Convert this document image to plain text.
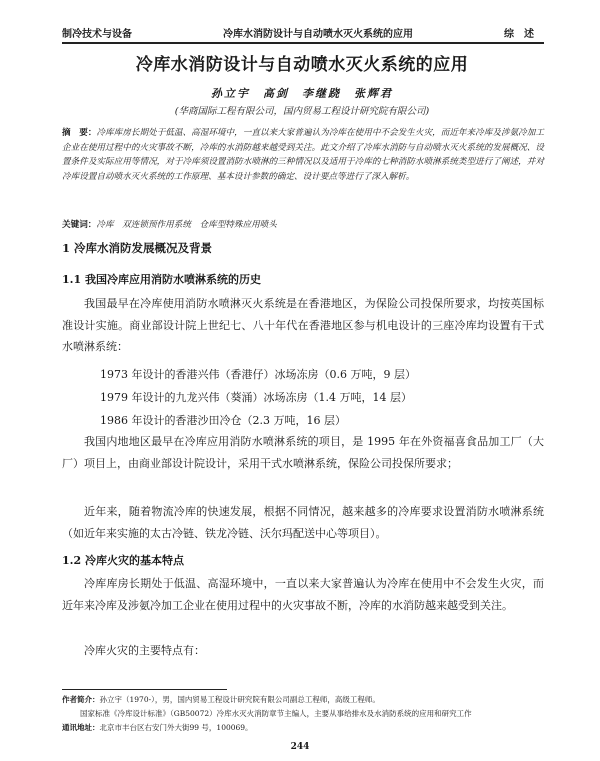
制冷技术与设备	冷库水消防设计与自动喷水灭火系统的应用	综述
冷库水消防设计与自动喷水灭火系统的应用
孙立宇　高剑　李继跷　张辉君
(华商国际工程有限公司，国内贸易工程设计研究院有限公司)
摘　要：冷库库房长期处于低温、高湿环境中，一直以来大家普遍认为冷库在使用中不会发生火灾，而近年来冷库及涉氨冷加工企业在使用过程中的火灾事故不断，冷库的水消防越来越受到关注。此文介绍了冷库水消防与自动喷水灭火系统的发展概况、设置条件及实际应用等情况，对于冷库须设置消防水喷淋的三种情况以及适用于冷库的七种消防水喷淋系统类型进行了阐述，并对冷库设置自动喷水灭火系统的工作原理、基本设计参数的确定、设计要点等进行了深入解析。
关键词：冷库　双连锁预作用系统　仓库型特殊应用喷头
1 冷库水消防发展概况及背景
1.1 我国冷库应用消防水喷淋系统的历史
我国最早在冷库使用消防水喷淋灭火系统是在香港地区，为保险公司投保所要求，均按英国标准设计实施。商业部设计院上世纪七、八十年代在香港地区参与机电设计的三座冷库均设置有干式水喷淋系统：
1973 年设计的香港兴伟（香港仔）冰场冻房（0.6 万吨，9 层）
1979 年设计的九龙兴伟（葵涌）冰场冻房（1.4 万吨，14 层）
1986 年设计的香港沙田冷仓（2.3 万吨，16 层）
我国内地地区最早在冷库应用消防水喷淋系统的项目，是 1995 年在外资福喜食品加工厂（大厂）项目上，由商业部设计院设计，采用干式水喷淋系统，保险公司投保所要求；
近年来，随着物流冷库的快速发展，根据不同情况，越来越多的冷库要求设置消防水喷淋系统（如近年来实施的太古冷链、铁龙冷链、沃尔玛配送中心等项目）。
1.2 冷库火灾的基本特点
冷库库房长期处于低温、高湿环境中，一直以来大家普遍认为冷库在使用中不会发生火灾，而近年来冷库及涉氨冷加工企业在使用过程中的火灾事故不断，冷库的水消防越来越受到关注。
冷库火灾的主要特点有：
作者简介：孙立宇（1970-），男，国内贸易工程设计研究院有限公司副总工程师，高级工程师。
国家标准《冷库设计标准》（GB50072）冷库水灭火消防章节主编人，主要从事给排水及水消防系统的应用和研究工作
通讯地址：北京市丰台区右安门外大街99 号，100069。
244
